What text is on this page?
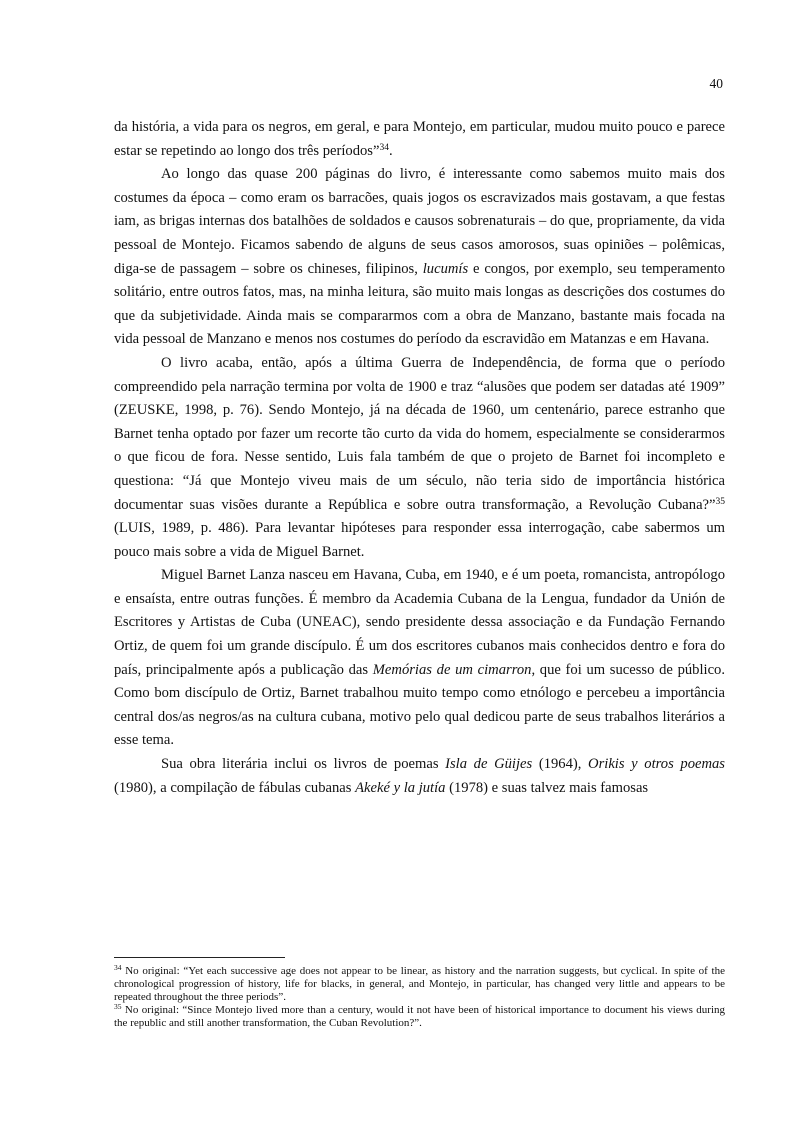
40

da história, a vida para os negros, em geral, e para Montejo, em particular, mudou muito pouco e parece estar se repetindo ao longo dos três períodos”$^{34}$.

Ao longo das quase 200 páginas do livro, é interessante como sabemos muito mais dos costumes da época – como eram os barracões, quais jogos os escravizados mais gostavam, a que festas iam, as brigas internas dos batalhões de soldados e causos sobrenaturais – do que, propriamente, da vida pessoal de Montejo. Ficamos sabendo de alguns de seus casos amorosos, suas opiniões – polêmicas, diga-se de passagem – sobre os chineses, filipinos, lucumís e congos, por exemplo, seu temperamento solitário, entre outros fatos, mas, na minha leitura, são muito mais longas as descrições dos costumes do que da subjetividade. Ainda mais se compararmos com a obra de Manzano, bastante mais focada na vida pessoal de Manzano e menos nos costumes do período da escravidão em Matanzas e em Havana.

O livro acaba, então, após a última Guerra de Independência, de forma que o período compreendido pela narração termina por volta de 1900 e traz “alusões que podem ser datadas até 1909” (ZEUSKE, 1998, p. 76). Sendo Montejo, já na década de 1960, um centenário, parece estranho que Barnet tenha optado por fazer um recorte tão curto da vida do homem, especialmente se considerarmos o que ficou de fora. Nesse sentido, Luis fala também de que o projeto de Barnet foi incompleto e questiona: “Já que Montejo viveu mais de um século, não teria sido de importância histórica documentar suas visões durante a República e sobre outra transformação, a Revolução Cubana?”$^{35}$ (LUIS, 1989, p. 486). Para levantar hipóteses para responder essa interrogação, cabe sabermos um pouco mais sobre a vida de Miguel Barnet.

Miguel Barnet Lanza nasceu em Havana, Cuba, em 1940, e é um poeta, romancista, antropólogo e ensaísta, entre outras funções. É membro da Academia Cubana de la Lengua, fundador da Unión de Escritores y Artistas de Cuba (UNEAC), sendo presidente dessa associação e da Fundação Fernando Ortiz, de quem foi um grande discípulo. É um dos escritores cubanos mais conhecidos dentro e fora do país, principalmente após a publicação das Memórias de um cimarron, que foi um sucesso de público. Como bom discípulo de Ortiz, Barnet trabalhou muito tempo como etnólogo e percebeu a importância central dos/as negros/as na cultura cubana, motivo pelo qual dedicou parte de seus trabalhos literários a esse tema.

Sua obra literária inclui os livros de poemas Isla de Güijes (1964), Orikis y otros poemas (1980), a compilação de fábulas cubanas Akeké y la jutía (1978) e suas talvez mais famosas

$^{34}$ No original: “Yet each successive age does not appear to be linear, as history and the narration suggests, but cyclical. In spite of the chronological progression of history, life for blacks, in general, and Montejo, in particular, has changed very little and appears to be repeated throughout the three periods”.

$^{35}$ No original: “Since Montejo lived more than a century, would it not have been of historical importance to document his views during the republic and still another transformation, the Cuban Revolution?”.
